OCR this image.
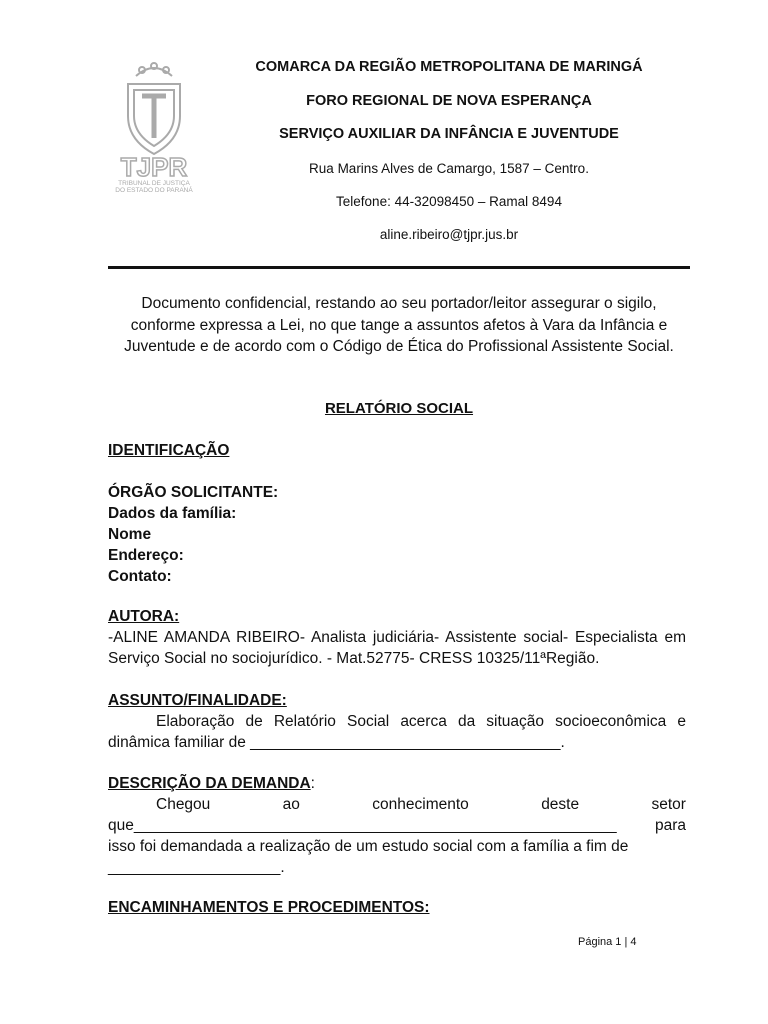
TJPR
TRIBUNAL DE JUSTIÇA
DO ESTADO DO PARANÁ
COMARCA DA REGIÃO METROPOLITANA DE MARINGÁ
FORO REGIONAL DE NOVA ESPERANÇA
SERVIÇO AUXILIAR DA INFÂNCIA E JUVENTUDE
Rua Marins Alves de Camargo, 1587 – Centro.
Telefone: 44-32098450 – Ramal 8494
aline.ribeiro@tjpr.jus.br
Documento confidencial, restando ao seu portador/leitor assegurar o sigilo, conforme expressa a Lei, no que tange a assuntos afetos à Vara da Infância e Juventude e de acordo com o Código de Ética do Profissional Assistente Social.
RELATÓRIO SOCIAL
IDENTIFICAÇÃO
ÓRGÃO SOLICITANTE:
Dados da família:
Nome
Endereço:
Contato:
AUTORA:
-ALINE AMANDA RIBEIRO- Analista judiciária- Assistente social- Especialista em Serviço Social no sociojurídico. - Mat.52775- CRESS 10325/11ªRegião.
ASSUNTO/FINALIDADE:
Elaboração de Relatório Social acerca da situação socioeconômica e dinâmica familiar de ____________________________________.
DESCRIÇÃO DA DEMANDA:
Chegou	ao	conhecimento	deste	setor
que________________________________________________________ para
isso foi demandada a realização de um estudo social com a família a fim de
____________________.
ENCAMINHAMENTOS E PROCEDIMENTOS:
Página 1 | 4
